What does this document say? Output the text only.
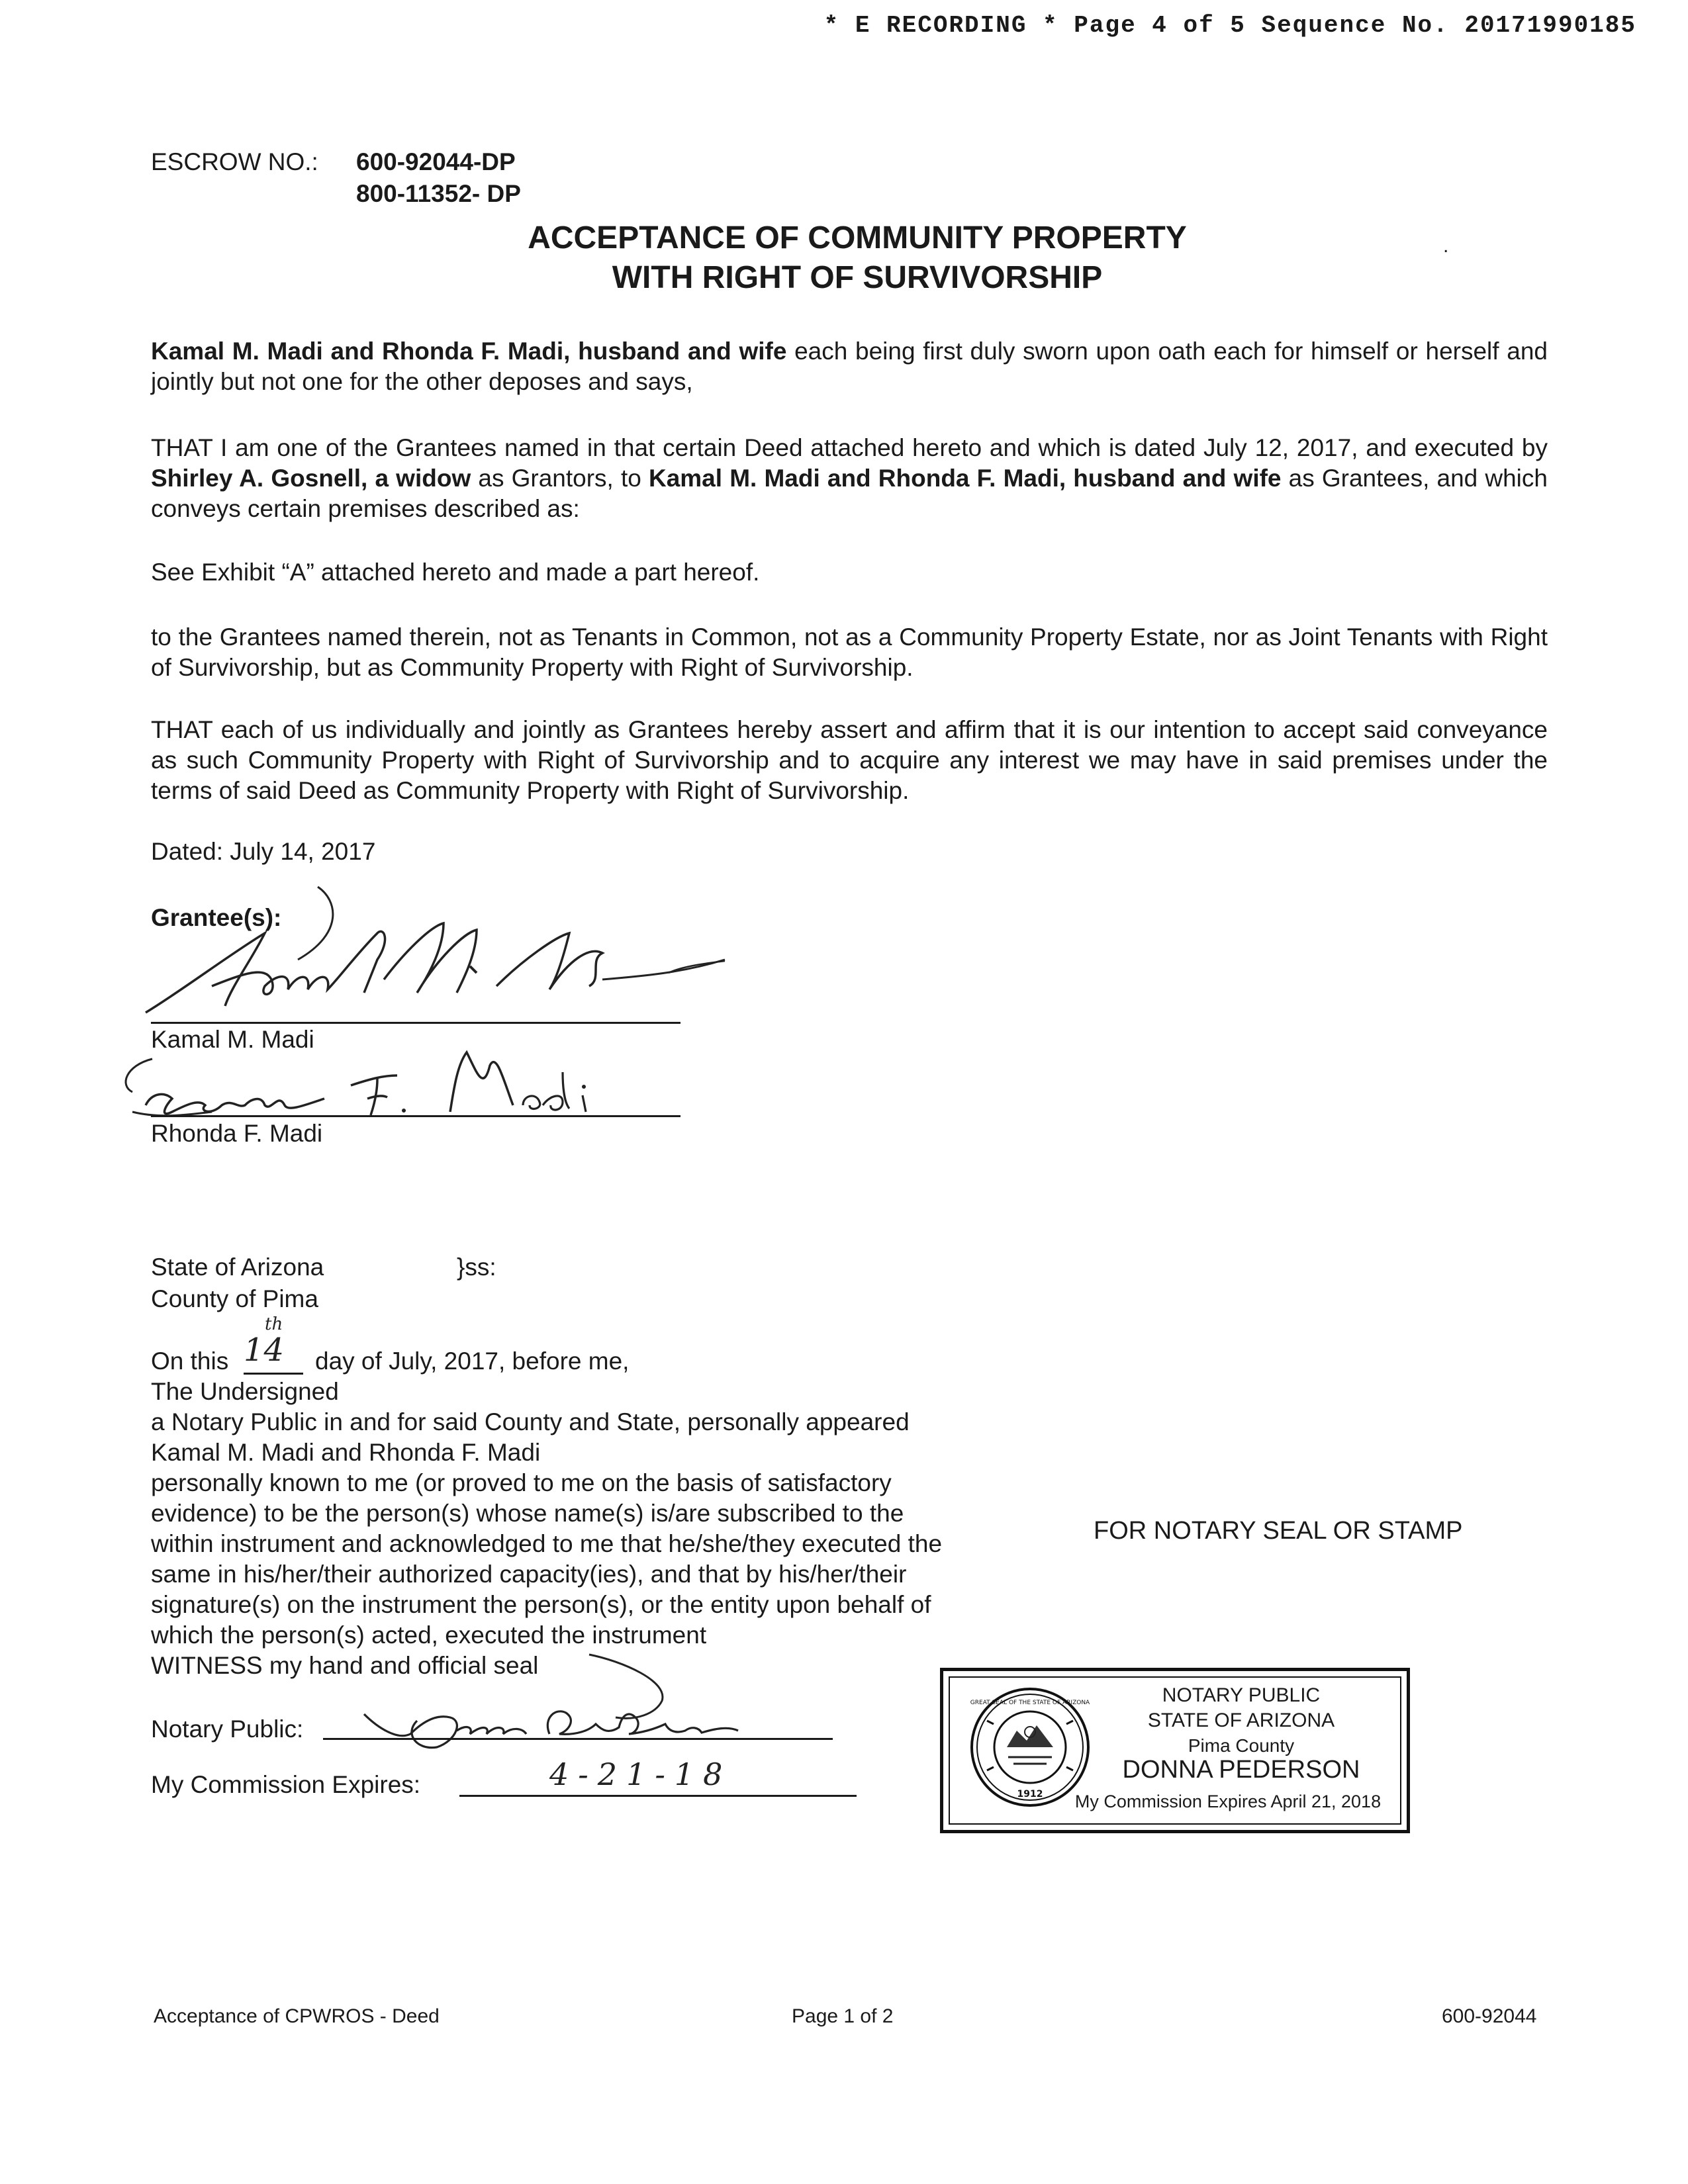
* E RECORDING * Page 4 of 5 Sequence No. 20171990185
ESCROW NO.: 600-92044-DP
800-11352- DP
ACCEPTANCE OF COMMUNITY PROPERTY
WITH RIGHT OF SURVIVORSHIP
.
Kamal M. Madi and Rhonda F. Madi, husband and wife each being first duly sworn upon oath each for himself or herself and jointly but not one for the other deposes and says,
THAT I am one of the Grantees named in that certain Deed attached hereto and which is dated July 12, 2017, and executed by Shirley A. Gosnell, a widow as Grantors, to Kamal M. Madi and Rhonda F. Madi, husband and wife as Grantees, and which conveys certain premises described as:
See Exhibit “A” attached hereto and made a part hereof.
to the Grantees named therein, not as Tenants in Common, not as a Community Property Estate, nor as Joint Tenants with Right of Survivorship, but as Community Property with Right of Survivorship.
THAT each of us individually and jointly as Grantees hereby assert and affirm that it is our intention to accept said conveyance as such Community Property with Right of Survivorship and to acquire any interest we may have in said premises under the terms of said Deed as Community Property with Right of Survivorship.
Dated: July 14, 2017
Grantee(s):
Kamal M. Madi
Rhonda F. Madi
State of Arizona	}ss:
County of Pima
On this 14
th
day of July, 2017, before me,
The Undersigned
a Notary Public in and for said County and State, personally appeared
Kamal M. Madi and Rhonda F. Madi
personally known to me (or proved to me on the basis of satisfactory
evidence) to be the person(s) whose name(s) is/are subscribed to the
within instrument and acknowledged to me that he/she/they executed the
same in his/her/their authorized capacity(ies), and that by his/her/their
signature(s) on the instrument the person(s), or the entity upon behalf of
which the person(s) acted, executed the instrument
WITNESS my hand and official seal
FOR NOTARY SEAL OR STAMP
Notary Public:
My Commission Expires:	4-21-18
1912
GREAT SEAL OF THE STATE OF ARIZONA	NOTARY PUBLIC
STATE OF ARIZONA
Pima County
DONNA PEDERSON
My Commission Expires April 21, 2018
Acceptance of CPWROS - Deed	Page 1 of 2	600-92044
